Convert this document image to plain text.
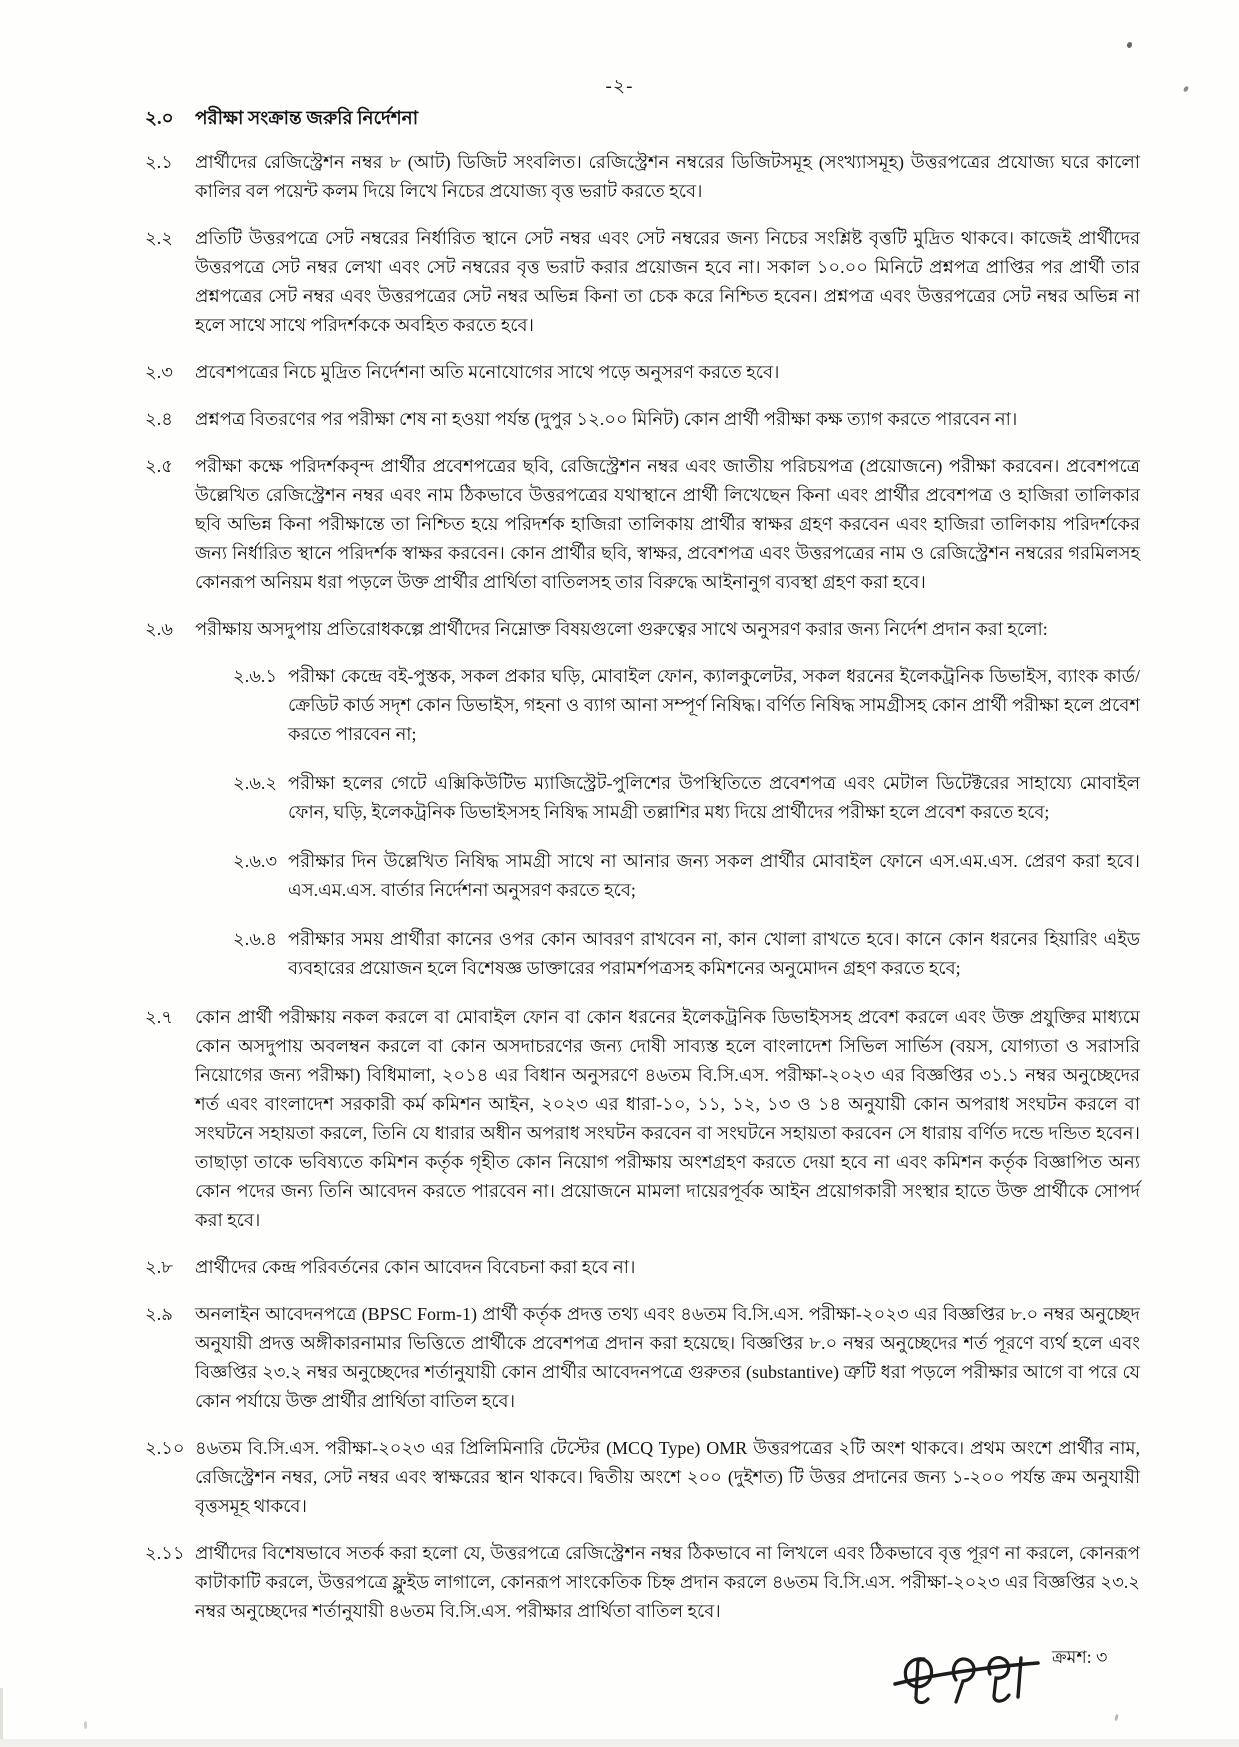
-২-
২.০	পরীক্ষা সংক্রান্ত জরুরি নির্দেশনা
২.১	প্রার্থীদের রেজিস্ট্রেশন নম্বর ৮ (আট) ডিজিট সংবলিত। রেজিস্ট্রেশন নম্বরের ডিজিটসমূহ (সংখ্যাসমূহ) উত্তরপত্রের প্রযোজ্য ঘরে কালো কালির বল পয়েন্ট কলম দিয়ে লিখে নিচের প্রযোজ্য বৃত্ত ভরাট করতে হবে।
২.২	প্রতিটি উত্তরপত্রে সেট নম্বরের নির্ধারিত স্থানে সেট নম্বর এবং সেট নম্বরের জন্য নিচের সংশ্লিষ্ট বৃত্তটি মুদ্রিত থাকবে। কাজেই প্রার্থীদের উত্তরপত্রে সেট নম্বর লেখা এবং সেট নম্বরের বৃত্ত ভরাট করার প্রয়োজন হবে না। সকাল ১০.০০ মিনিটে প্রশ্নপত্র প্রাপ্তির পর প্রার্থী তার প্রশ্নপত্রের সেট নম্বর এবং উত্তরপত্রের সেট নম্বর অভিন্ন কিনা তা চেক করে নিশ্চিত হবেন। প্রশ্নপত্র এবং উত্তরপত্রের সেট নম্বর অভিন্ন না হলে সাথে সাথে পরিদর্শককে অবহিত করতে হবে।
২.৩	প্রবেশপত্রের নিচে মুদ্রিত নির্দেশনা অতি মনোযোগের সাথে পড়ে অনুসরণ করতে হবে।
২.৪	প্রশ্নপত্র বিতরণের পর পরীক্ষা শেষ না হওয়া পর্যন্ত (দুপুর ১২.০০ মিনিট) কোন প্রার্থী পরীক্ষা কক্ষ ত্যাগ করতে পারবেন না।
২.৫	পরীক্ষা কক্ষে পরিদর্শকবৃন্দ প্রার্থীর প্রবেশপত্রের ছবি, রেজিস্ট্রেশন নম্বর এবং জাতীয় পরিচয়পত্র (প্রয়োজনে) পরীক্ষা করবেন। প্রবেশপত্রে উল্লেখিত রেজিস্ট্রেশন নম্বর এবং নাম ঠিকভাবে উত্তরপত্রের যথাস্থানে প্রার্থী লিখেছেন কিনা এবং প্রার্থীর প্রবেশপত্র ও হাজিরা তালিকার ছবি অভিন্ন কিনা পরীক্ষান্তে তা নিশ্চিত হয়ে পরিদর্শক হাজিরা তালিকায় প্রার্থীর স্বাক্ষর গ্রহণ করবেন এবং হাজিরা তালিকায় পরিদর্শকের জন্য নির্ধারিত স্থানে পরিদর্শক স্বাক্ষর করবেন। কোন প্রার্থীর ছবি, স্বাক্ষর, প্রবেশপত্র এবং উত্তরপত্রের নাম ও রেজিস্ট্রেশন নম্বরের গরমিলসহ কোনরূপ অনিয়ম ধরা পড়লে উক্ত প্রার্থীর প্রার্থিতা বাতিলসহ তার বিরুদ্ধে আইনানুগ ব্যবস্থা গ্রহণ করা হবে।
২.৬	পরীক্ষায় অসদুপায় প্রতিরোধকল্পে প্রার্থীদের নিম্নোক্ত বিষয়গুলো গুরুত্বের সাথে অনুসরণ করার জন্য নির্দেশ প্রদান করা হলো:
২.৬.১ পরীক্ষা কেন্দ্রে বই-পুস্তক, সকল প্রকার ঘড়ি, মোবাইল ফোন, ক্যালকুলেটর, সকল ধরনের ইলেকট্রনিক ডিভাইস, ব্যাংক কার্ড/ক্রেডিট কার্ড সদৃশ কোন ডিভাইস, গহনা ও ব্যাগ আনা সম্পূর্ণ নিষিদ্ধ। বর্ণিত নিষিদ্ধ সামগ্রীসহ কোন প্রার্থী পরীক্ষা হলে প্রবেশ করতে পারবেন না;
২.৬.২ পরীক্ষা হলের গেটে এক্সিকিউটিভ ম্যাজিস্ট্রেট-পুলিশের উপস্থিতিতে প্রবেশপত্র এবং মেটাল ডিটেক্টরের সাহায্যে মোবাইল ফোন, ঘড়ি, ইলেকট্রনিক ডিভাইসসহ নিষিদ্ধ সামগ্রী তল্লাশির মধ্য দিয়ে প্রার্থীদের পরীক্ষা হলে প্রবেশ করতে হবে;
২.৬.৩ পরীক্ষার দিন উল্লেখিত নিষিদ্ধ সামগ্রী সাথে না আনার জন্য সকল প্রার্থীর মোবাইল ফোনে এস.এম.এস. প্রেরণ করা হবে। এস.এম.এস. বার্তার নির্দেশনা অনুসরণ করতে হবে;
২.৬.৪ পরীক্ষার সময় প্রার্থীরা কানের ওপর কোন আবরণ রাখবেন না, কান খোলা রাখতে হবে। কানে কোন ধরনের হিয়ারিং এইড ব্যবহারের প্রয়োজন হলে বিশেষজ্ঞ ডাক্তারের পরামর্শপত্রসহ কমিশনের অনুমোদন গ্রহণ করতে হবে;
২.৭	কোন প্রার্থী পরীক্ষায় নকল করলে বা মোবাইল ফোন বা কোন ধরনের ইলেকট্রনিক ডিভাইসসহ প্রবেশ করলে এবং উক্ত প্রযুক্তির মাধ্যমে কোন অসদুপায় অবলম্বন করলে বা কোন অসদাচরণের জন্য দোষী সাব্যস্ত হলে বাংলাদেশ সিভিল সার্ভিস (বয়স, যোগ্যতা ও সরাসরি নিয়োগের জন্য পরীক্ষা) বিধিমালা, ২০১৪ এর বিধান অনুসরণে ৪৬তম বি.সি.এস. পরীক্ষা-২০২৩ এর বিজ্ঞপ্তির ৩১.১ নম্বর অনুচ্ছেদের শর্ত এবং বাংলাদেশ সরকারী কর্ম কমিশন আইন, ২০২৩ এর ধারা-১০, ১১, ১২, ১৩ ও ১৪ অনুযায়ী কোন অপরাধ সংঘটন করলে বা সংঘটনে সহায়তা করলে, তিনি যে ধারার অধীন অপরাধ সংঘটন করবেন বা সংঘটনে সহায়তা করবেন সে ধারায় বর্ণিত দন্ডে দন্ডিত হবেন। তাছাড়া তাকে ভবিষ্যতে কমিশন কর্তৃক গৃহীত কোন নিয়োগ পরীক্ষায় অংশগ্রহণ করতে দেয়া হবে না এবং কমিশন কর্তৃক বিজ্ঞাপিত অন্য কোন পদের জন্য তিনি আবেদন করতে পারবেন না। প্রয়োজনে মামলা দায়েরপূর্বক আইন প্রয়োগকারী সংস্থার হাতে উক্ত প্রার্থীকে সোপর্দ করা হবে।
২.৮	প্রার্থীদের কেন্দ্র পরিবর্তনের কোন আবেদন বিবেচনা করা হবে না।
২.৯	অনলাইন আবেদনপত্রে (BPSC Form-1) প্রার্থী কর্তৃক প্রদত্ত তথ্য এবং ৪৬তম বি.সি.এস. পরীক্ষা-২০২৩ এর বিজ্ঞপ্তির ৮.০ নম্বর অনুচ্ছেদ অনুযায়ী প্রদত্ত অঙ্গীকারনামার ভিত্তিতে প্রার্থীকে প্রবেশপত্র প্রদান করা হয়েছে। বিজ্ঞপ্তির ৮.০ নম্বর অনুচ্ছেদের শর্ত পূরণে ব্যর্থ হলে এবং বিজ্ঞপ্তির ২৩.২ নম্বর অনুচ্ছেদের শর্তানুযায়ী কোন প্রার্থীর আবেদনপত্রে গুরুতর (substantive) ত্রুটি ধরা পড়লে পরীক্ষার আগে বা পরে যে কোন পর্যায়ে উক্ত প্রার্থীর প্রার্থিতা বাতিল হবে।
২.১০ ৪৬তম বি.সি.এস. পরীক্ষা-২০২৩ এর প্রিলিমিনারি টেস্টের (MCQ Type) OMR উত্তরপত্রের ২টি অংশ থাকবে। প্রথম অংশে প্রার্থীর নাম, রেজিস্ট্রেশন নম্বর, সেট নম্বর এবং স্বাক্ষরের স্থান থাকবে। দ্বিতীয় অংশে ২০০ (দুইশত) টি উত্তর প্রদানের জন্য ১-২০০ পর্যন্ত ক্রম অনুযায়ী বৃত্তসমূহ থাকবে।
২.১১ প্রার্থীদের বিশেষভাবে সতর্ক করা হলো যে, উত্তরপত্রে রেজিস্ট্রেশন নম্বর ঠিকভাবে না লিখলে এবং ঠিকভাবে বৃত্ত পূরণ না করলে, কোনরূপ কাটাকাটি করলে, উত্তরপত্রে ফ্লুইড লাগালে, কোনরূপ সাংকেতিক চিহ্ন প্রদান করলে ৪৬তম বি.সি.এস. পরীক্ষা-২০২৩ এর বিজ্ঞপ্তির ২৩.২ নম্বর অনুচ্ছেদের শর্তানুযায়ী ৪৬তম বি.সি.এস. পরীক্ষার প্রার্থিতা বাতিল হবে।
ক্রমশ: ৩
